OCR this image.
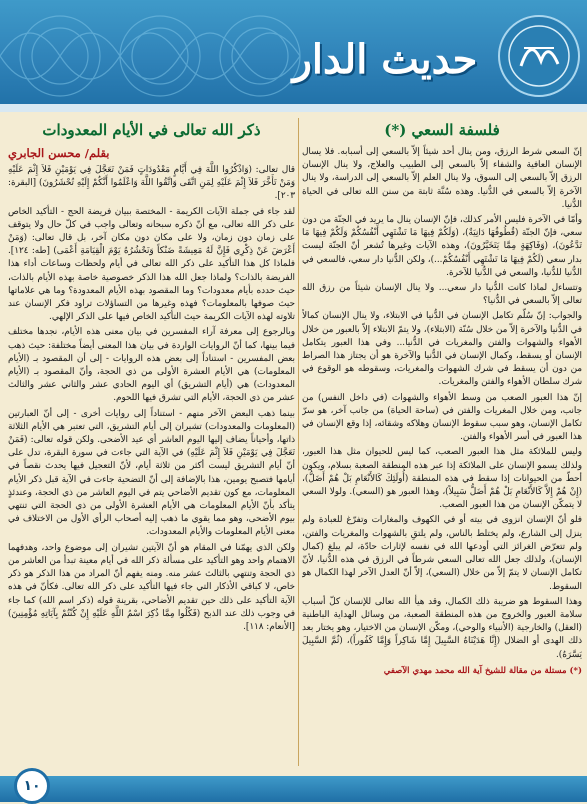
حديث الدار
فلسفة السعي (*)

إنّ السعي شرط الرزق، ومن ينال أحد شيئاً إلاّ بالسعي إلى أسبابه. فلا يسال الإنسان العافية والشفاء إلاّ بالسعي إلى الطبيب والعلاج، ولا ينال الإنسان الرزق إلاّ بالسعي إلى السوق، ولا ينال العلم إلاّ بالسعي إلى الدراسة، ولا ينال الآخرة إلاّ بالسعي في الدُّنيا. وهذه سُنَّة ثابتة من سنن الله تعالى في الحياة الدُّنيا.

وأمّا في الآخرة فليس الأمر كذلك، فإنّ الإنسان ينال ما يريد في الجنّة من دون سعي، فإنّ الجنّة (قُطُوفُهَا دَانِيَةٌ)، (وَلَكُمْ فِيهَا مَا تَشْتَهِي أَنْفُسُكُمْ وَلَكُمْ فِيهَا مَا تَدَّعُونَ)، (وَفَاكِهَةٍ مِمَّا يَتَخَيَّرُونَ)، وهذه الآيات وغيرها تُشعر أنّ الجنّة ليست بدار سعي (لَكُمْ فِيهَا مَا تَشْتَهِي أَنْفُسُكُمْ...)، ولكن الدُّنيا دار سعي، فالسعي في الدُّنيا للدُّنيا، والسعي في الدُّنيا للآخرة.

وتتساءل لماذا كانت الدُّنيا دار سعي... ولا ينال الإنسان شيئاً من رزق الله تعالى إلاّ بالسعي في الدُّنيا؟

والجواب: إنّ سُلّم تكامل الإنسان في الدُّنيا في الابتلاء، ولا ينال الإنسان كمالاً في الدُّنيا والآخرة إلاّ من خلال سُنّة (الابتلاء)، ولا يتمّ الابتلاء إلاّ بالعبور من خلال الأهواء والشهوات والفتن والمغريات في الدُّنيا... وفي هذا العبور يتكامل الإنسان أو يسقط، وكمال الإنسان في الدُّنيا والآخرة هو أن يجتاز هذا الصراط من دون أن يسقط في شرك الشهوات والمغريات، وسقوطه هو الوقوع في شرك سلطان الأهواء والفتن والمغريات.

إنّ هذا العبور الصعب من وسط الأهواء والشهوات (في داخل النفس) من جانب، ومن خلال المغريات والفتن في (ساحة الحياة) من جانب آخر، هو سرّ تكامل الإنسان، وهو سبب سقوط الإنسان وهلاكه وشقائه، إذا وقع الإنسان في هذا العبور في أسر الأهواء والفتن.

وليس للملائكة مثل هذا العبور الصعب، كما ليس للحيوان مثل هذا العبور، ولذلك يسمو الإنسان على الملائكة إذا عبر هذه المنطقة الصعبة بسلام، ويكون أحطّ من الحيوانات إذا سقط في هذه المنطقة (أُولَئِكَ كَالأَنْعَامِ بَلْ هُمْ أَضَلُّ)، (إِنْ هُمْ إِلاَّ كَالأَنْعَامِ بَلْ هُمْ أَضَلُّ سَبِيلاً)، وهذا العبور هو (السعي). ولولا السعي لا يتمكّن الإنسان من هذا العبور الصعب.

فلو أنّ الإنسان انزوى في بيته أو في الكهوف والمغارات وتفرّغ للعبادة ولم ينزل إلى الشارع، ولم يختلط بالناس، ولم يلتقِ بالشهوات والمغريات والفتن، ولم تتعرّض الغرائز التي أودعها الله في نفسه لإثارات حادّة، لم يبلغ (كمال الإنسان)، ولذلك جعل الله تعالى السعي شرطاً في الرزق في هذه الدُّنيا، لأنّ تكامل الإنسان لا يتمّ إلاّ من خلال (السعي)، إلاّ أنّ العدل الآخر لهذا الكمال هو السقوط.

وهذا السقوط هو ضريبة ذلك الكمال، وقد هيأ الله تعالى للإنسان كلّ أسباب سلامة العبور والخروج من هذه المنطقة الصعبة، من وسائل الهداية الباطنية (العقل) والخارجية (الأنبياء والوحي)، ومكّن الإنسان من الاختيار، وهو يختار بعد ذلك الهدى أو الضلال (إِنَّا هَدَيْنَاهُ السَّبِيلَ إِمَّا شَاكِراً وَإِمَّا كَفُوراً)، (ثُمَّ السَّبِيلَ يَسَّرَهُ).

(*) مستلة من مقالة للشيخ آية الله محمد مهدي الآصفي
ذكر الله تعالى في الأيام المعدودات
بقلم/ محسن الجابري

قال تعالى: (وَاذْكُرُوا اللَّهَ فِي أَيَّامٍ مَعْدُودَاتٍ فَمَنْ تَعَجَّلَ فِي يَوْمَيْنِ فَلاَ إِثْمَ عَلَيْهِ وَمَنْ تَأَخَّرَ فَلاَ إِثْمَ عَلَيْهِ لِمَنِ اتَّقَى وَاتَّقُوا اللَّهَ وَاعْلَمُوا أَنَّكُمْ إِلَيْهِ تُحْشَرُونَ) [البقرة: ٢٠٣].

لقد جاء في جملة الآيات الكريمة - المختصة ببيان فريضة الحج - التأكيد الخاص على ذكر الله تعالى، مع أنّ ذكره سبحانه وتعالى واجب في كلّ حال ولا يتوقف على زمان دون زمان، ولا على مكان دون مكان آخر، بل قال تعالى: (وَمَنْ أَعْرَضَ عَنْ ذِكْرِي فَإِنَّ لَهُ مَعِيشَةً ضَنْكاً وَنَحْشُرُهُ يَوْمَ الْقِيَامَةِ أَعْمَى) [طه: ١٢٤]. فلماذا كل هذا التأكيد على ذكر الله تعالى في أيام ولحظات وساعات أداء هذا الفريضة بالذات؟ ولماذا جعل الله هذا الذكر خصوصية خاصة بهذه الأيام بالذات، حيث حدده بأيام معدودات؟ وما المقصود بهذه الأيام المعدودة؟ وما هي علاماتها حيث صوفها بالمعلومات؟ فهذه وغيرها من التساؤلات تراود فكر الإنسان عند تلاوته لهذه الآيات الكريمة حيث التأكيد الخاص فيها على الذكر الإلهي.

وبالرجوع إلى معرفة آراء المفسرين في بيان معنى هذه الأيام، نجدها مختلف فيما بينها، كما أنّ الروايات الواردة في بيان هذا المعنى أيضاً مختلفة: حيث ذهب بعض المفسرين - استناداً إلى بعض هذه الروايات - إلى أن المقصود بـ (الأيام المعلومات) هي الأيام العشرة الأولى من ذي الحجة، وأنّ المقصود بـ (الأيام المعدودات) هي (أيام التشريق) أي اليوم الحادي عشر والثاني عشر والثالث عشر من ذي الحجة، الأيام التي تشرق فيها اللحوم.

بينما ذهب البعض الآخر منهم - استناداً إلى روايات أخرى - إلى أنّ العبارتين (المعلومات والمعدودات) تشيران إلى أيام التشريق، التي تعتبر هي الأيام الثلاثة ذاتها، وأحياناً يضاف إليها اليوم العاشر أي عيد الأضحى. ولكن قوله تعالى: (فَمَنْ تَعَجَّلَ فِي يَوْمَيْنِ فَلاَ إِثْمَ عَلَيْهِ) في الآية التي جاءت في سورة البقرة، تدل على أنّ أيام التشريق ليست أكثر من ثلاثة أيام، لأنّ التعجيل فيها يحدث نقصاً في أيامها فتصبح يومين، هذا بالإضافة إلى أنّ التضحية جاءت في الآية قبل ذكر الأيام المعلومات، مع كون تقديم الأضاحي يتم في اليوم العاشر من ذي الحجة، وعندئذٍ يتأكد بأنّ الأيام المعلومات هي الأيام العشرة الأولى من ذي الحجة التي تنتهي بيوم الأضحى، وهو مما يقوي ما ذهب إليه أصحاب الرأي الأول من الاختلاف في معنى الأيام المعلومات والأيام المعدودات.

ولكن الذي يهمّنا في المقام هو أنّ الآيتين تشيران إلى موضوع واحد، وهدفهما الاهتمام واحد وهو التأكيد على مسألة ذكر الله في أيام معينة تبدأ من العاشر من ذي الحجة وتنتهي بالثالث عشر منه. ومنه يفهم أنّ المراد من هذا الذكر هو ذكر خاص، لا كباقي الأذكار التي جاء فيها التأكيد على ذكر الله تعالى. فكأنّ في هذه الآية التأكيد على ذلك حين تقديم الأضاحي، بقرينة قوله (ذكر اسم الله) كما جاء في وجوب ذلك عند الذبح (فَكُلُوا مِمَّا ذُكِرَ اسْمُ اللَّهِ عَلَيْهِ إِنْ كُنْتُمْ بِآيَاتِهِ مُؤْمِنِينَ) [الأنعام: ١١٨].

١٠
